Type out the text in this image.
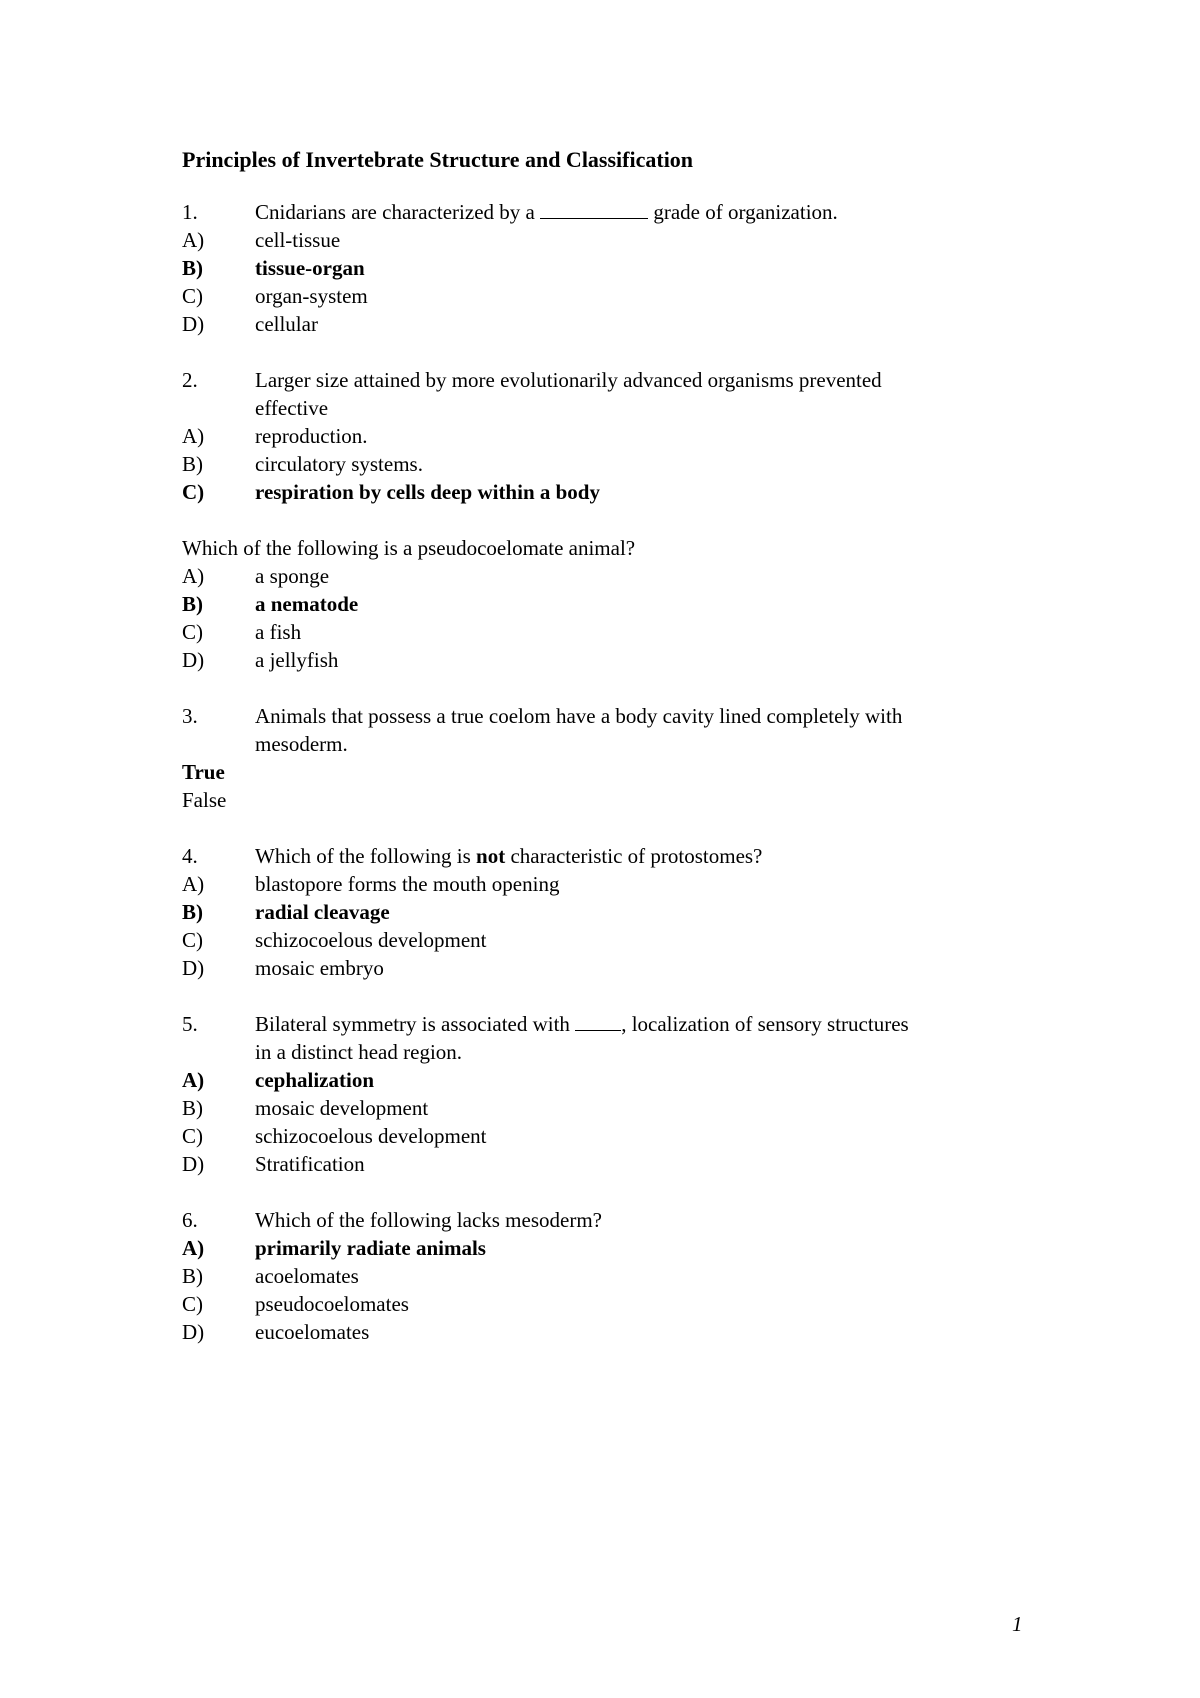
Principles of Invertebrate Structure and Classification
1.	Cnidarians are characterized by a	grade of organization.
A)	cell-tissue
B)	tissue-organ
C)	organ-system
D)	cellular
2.	Larger size attained by more evolutionarily advanced organisms prevented
effective
A)	reproduction.
B)	circulatory systems.
C)	respiration by cells deep within a body
Which of the following is a pseudocoelomate animal?
A)	a sponge
B)	a nematode
C)	a fish
D)	a jellyfish
3.	Animals that possess a true coelom have a body cavity lined completely with
mesoderm.
True
False
4.	Which of the following is not characteristic of protostomes?
A)	blastopore forms the mouth opening
B)	radial cleavage
C)	schizocoelous development
D)	mosaic embryo
5.	Bilateral symmetry is associated with , localization of sensory structures
in a distinct head region.
A)	cephalization
B)	mosaic development
C)	schizocoelous development
D)	Stratification
6.	Which of the following lacks mesoderm?
A)	primarily radiate animals
B)	acoelomates
C)	pseudocoelomates
D)	eucoelomates
1
